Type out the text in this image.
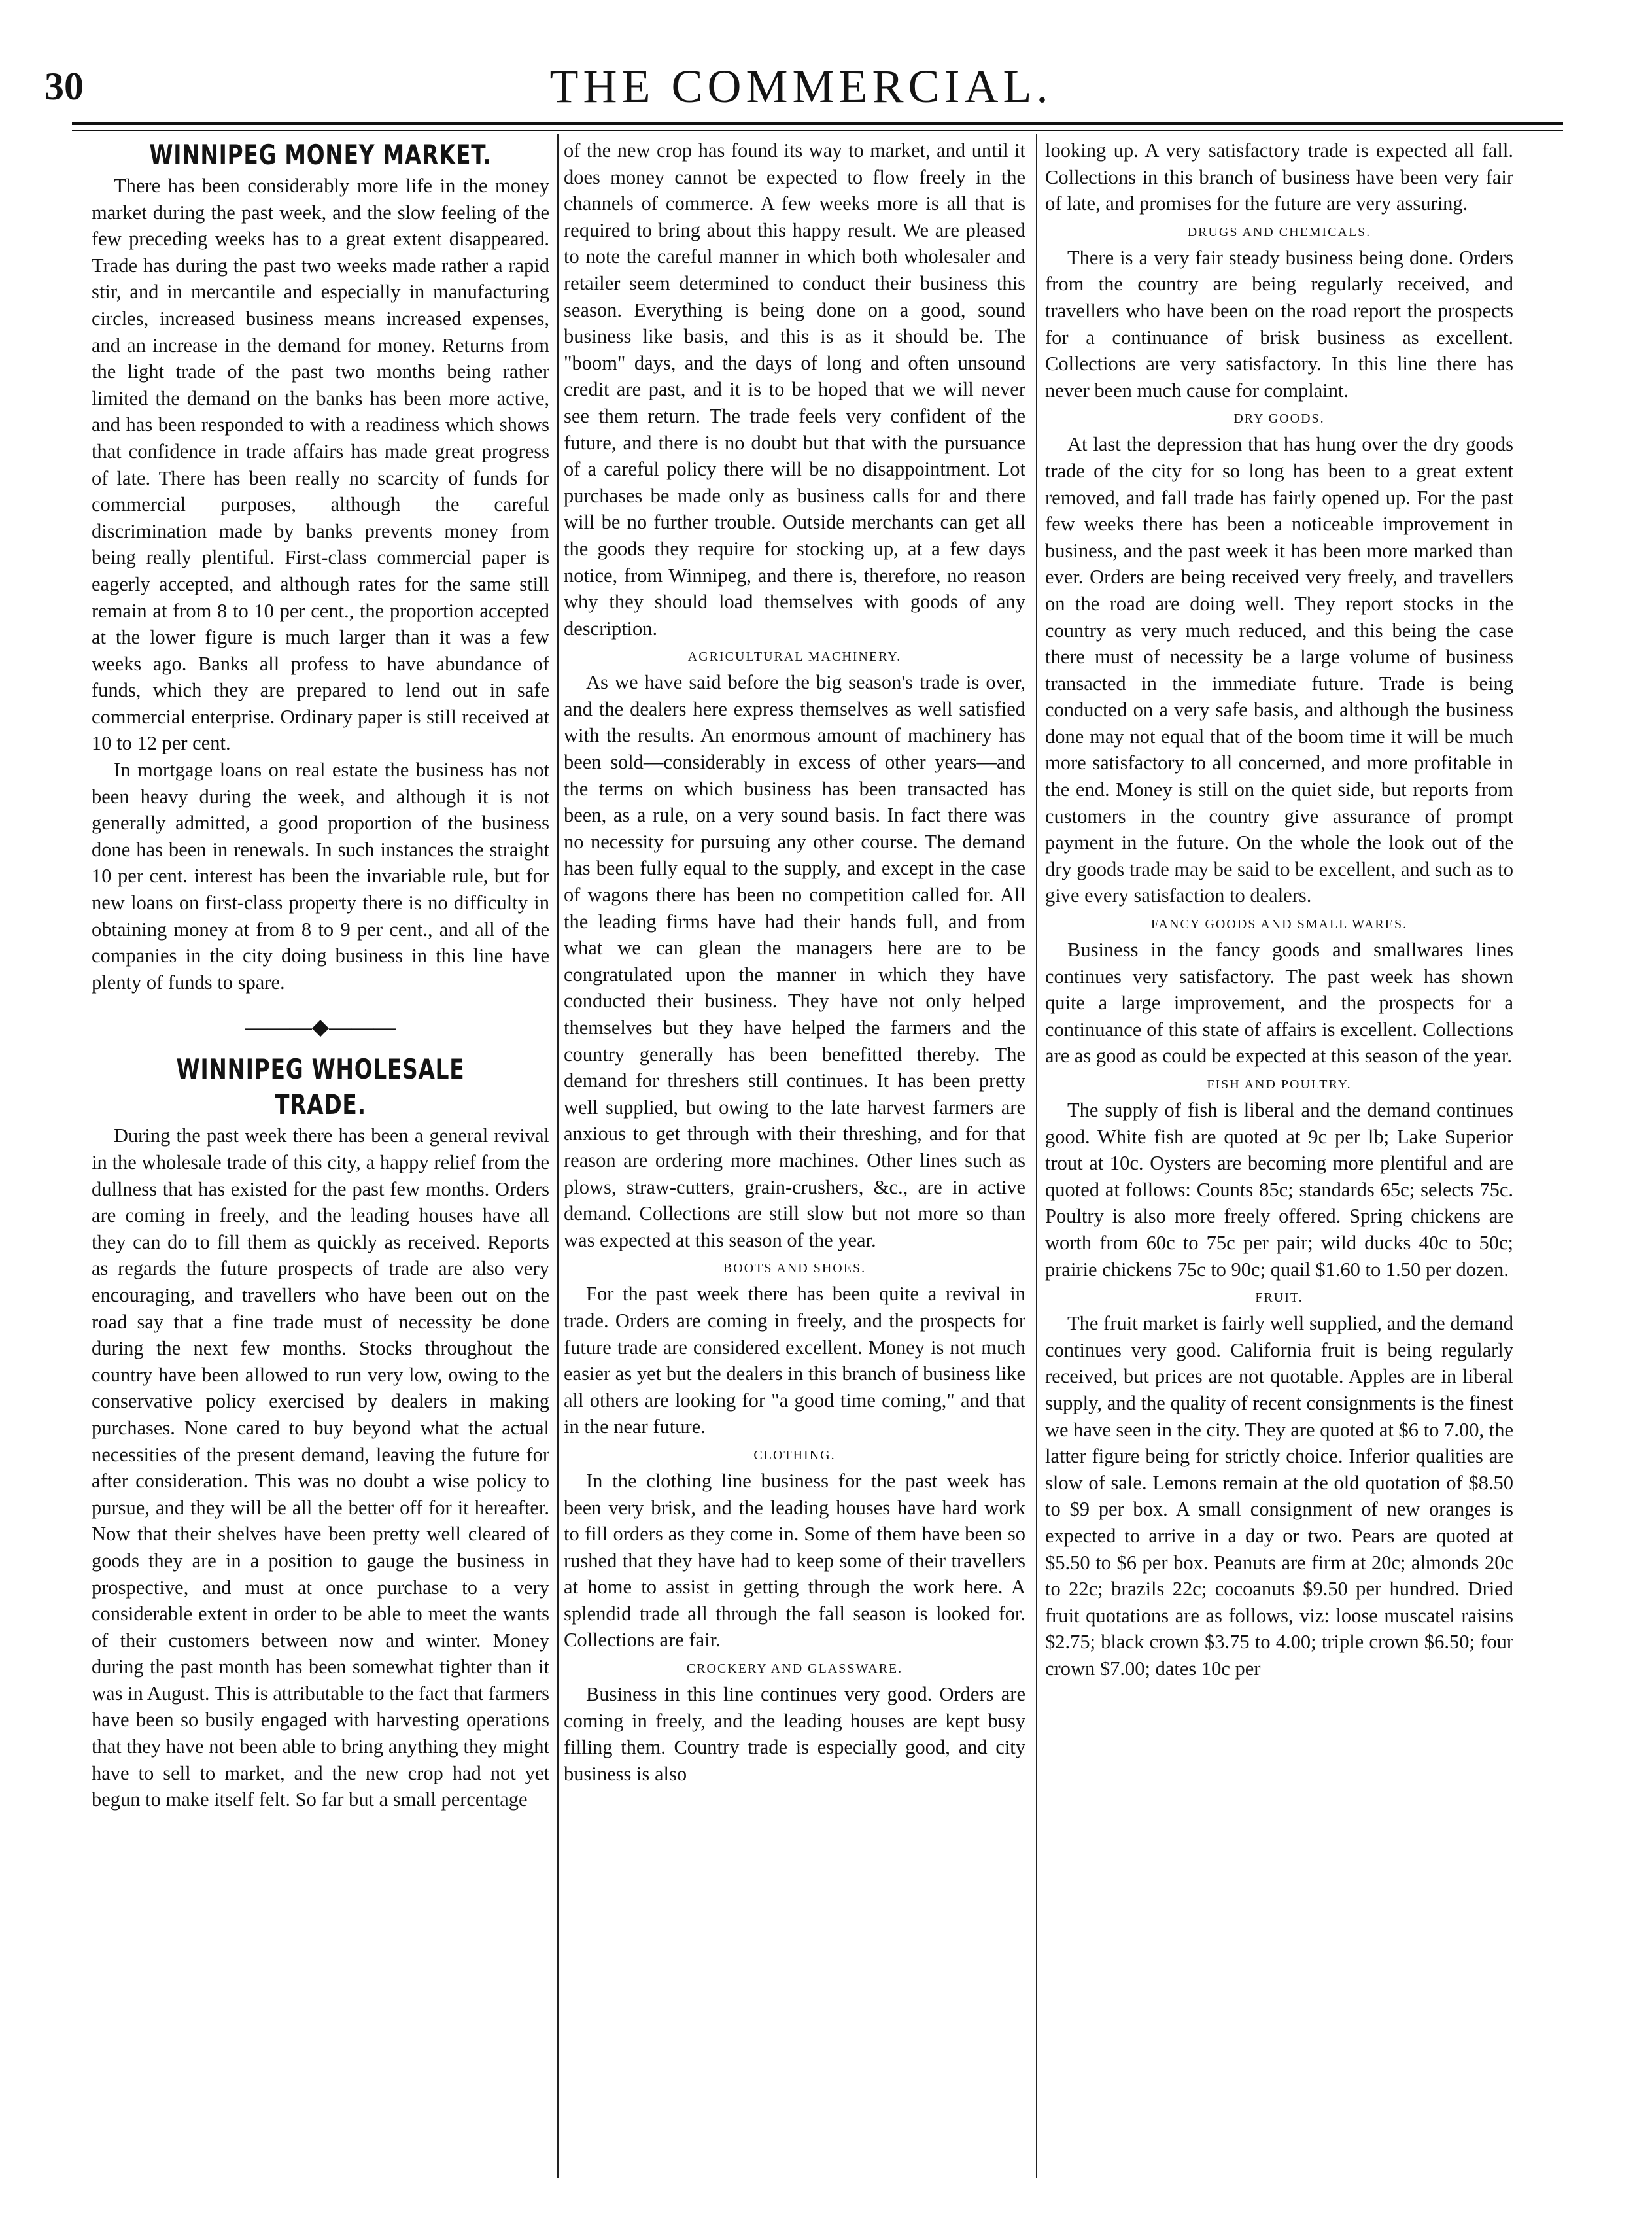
30	THE COMMERCIAL.
WINNIPEG MONEY MARKET.

There has been considerably more life in the money market during the past week, and the slow feeling of the few preceding weeks has to a great extent disappeared. Trade has during the past two weeks made rather a rapid stir, and in mercantile and especially in manufacturing circles, increased business means increased expenses, and an increase in the demand for money. Returns from the light trade of the past two months being rather limited the demand on the banks has been more active, and has been responded to with a readiness which shows that confidence in trade affairs has made great progress of late. There has been really no scarcity of funds for commercial purposes, although the careful discrimination made by banks prevents money from being really plentiful. First-class commercial paper is eagerly accepted, and although rates for the same still remain at from 8 to 10 per cent., the proportion accepted at the lower figure is much larger than it was a few weeks ago. Banks all profess to have abundance of funds, which they are prepared to lend out in safe commercial enterprise. Ordinary paper is still received at 10 to 12 per cent.

In mortgage loans on real estate the business has not been heavy during the week, and although it is not generally admitted, a good proportion of the business done has been in renewals. In such instances the straight 10 per cent. interest has been the invariable rule, but for new loans on first-class property there is no difficulty in obtaining money at from 8 to 9 per cent., and all of the companies in the city doing business in this line have plenty of funds to spare.

———◆———
WINNIPEG WHOLESALE TRADE.

During the past week there has been a general revival in the wholesale trade of this city, a happy relief from the dullness that has existed for the past few months. Orders are coming in freely, and the leading houses have all they can do to fill them as quickly as received. Reports as regards the future prospects of trade are also very encouraging, and travellers who have been out on the road say that a fine trade must of necessity be done during the next few months. Stocks throughout the country have been allowed to run very low, owing to the conservative policy exercised by dealers in making purchases. None cared to buy beyond what the actual necessities of the present demand, leaving the future for after consideration. This was no doubt a wise policy to pursue, and they will be all the better off for it hereafter. Now that their shelves have been pretty well cleared of goods they are in a position to gauge the business in prospective, and must at once purchase to a very considerable extent in order to be able to meet the wants of their customers between now and winter. Money during the past month has been somewhat tighter than it was in August. This is attributable to the fact that farmers have been so busily engaged with harvesting operations that they have not been able to bring anything they might have to sell to market, and the new crop had not yet begun to make itself felt. So far but a small percentage

of the new crop has found its way to market, and until it does money cannot be expected to flow freely in the channels of commerce. A few weeks more is all that is required to bring about this happy result. We are pleased to note the careful manner in which both wholesaler and retailer seem determined to conduct their business this season. Everything is being done on a good, sound business like basis, and this is as it should be. The "boom" days, and the days of long and often unsound credit are past, and it is to be hoped that we will never see them return. The trade feels very confident of the future, and there is no doubt but that with the pursuance of a careful policy there will be no disappointment. Lot purchases be made only as business calls for and there will be no further trouble. Outside merchants can get all the goods they require for stocking up, at a few days notice, from Winnipeg, and there is, therefore, no reason why they should load themselves with goods of any description.

AGRICULTURAL MACHINERY.

As we have said before the big season's trade is over, and the dealers here express themselves as well satisfied with the results. An enormous amount of machinery has been sold—considerably in excess of other years—and the terms on which business has been transacted has been, as a rule, on a very sound basis. In fact there was no necessity for pursuing any other course. The demand has been fully equal to the supply, and except in the case of wagons there has been no competition called for. All the leading firms have had their hands full, and from what we can glean the managers here are to be congratulated upon the manner in which they have conducted their business. They have not only helped themselves but they have helped the farmers and the country generally has been benefitted thereby. The demand for threshers still continues. It has been pretty well supplied, but owing to the late harvest farmers are anxious to get through with their threshing, and for that reason are ordering more machines. Other lines such as plows, straw-cutters, grain-crushers, &c., are in active demand. Collections are still slow but not more so than was expected at this season of the year.

BOOTS AND SHOES.

For the past week there has been quite a revival in trade. Orders are coming in freely, and the prospects for future trade are considered excellent. Money is not much easier as yet but the dealers in this branch of business like all others are looking for "a good time coming," and that in the near future.

CLOTHING.

In the clothing line business for the past week has been very brisk, and the leading houses have hard work to fill orders as they come in. Some of them have been so rushed that they have had to keep some of their travellers at home to assist in getting through the work here. A splendid trade all through the fall season is looked for. Collections are fair.

CROCKERY AND GLASSWARE.

Business in this line continues very good. Orders are coming in freely, and the leading houses are kept busy filling them. Country trade is especially good, and city business is also

looking up. A very satisfactory trade is expected all fall. Collections in this branch of business have been very fair of late, and promises for the future are very assuring.

DRUGS AND CHEMICALS.

There is a very fair steady business being done. Orders from the country are being regularly received, and travellers who have been on the road report the prospects for a continuance of brisk business as excellent. Collections are very satisfactory. In this line there has never been much cause for complaint.

DRY GOODS.

At last the depression that has hung over the dry goods trade of the city for so long has been to a great extent removed, and fall trade has fairly opened up. For the past few weeks there has been a noticeable improvement in business, and the past week it has been more marked than ever. Orders are being received very freely, and travellers on the road are doing well. They report stocks in the country as very much reduced, and this being the case there must of necessity be a large volume of business transacted in the immediate future. Trade is being conducted on a very safe basis, and although the business done may not equal that of the boom time it will be much more satisfactory to all concerned, and more profitable in the end. Money is still on the quiet side, but reports from customers in the country give assurance of prompt payment in the future. On the whole the look out of the dry goods trade may be said to be excellent, and such as to give every satisfaction to dealers.

FANCY GOODS AND SMALL WARES.

Business in the fancy goods and smallwares lines continues very satisfactory. The past week has shown quite a large improvement, and the prospects for a continuance of this state of affairs is excellent. Collections are as good as could be expected at this season of the year.

FISH AND POULTRY.

The supply of fish is liberal and the demand continues good. White fish are quoted at 9c per lb; Lake Superior trout at 10c. Oysters are becoming more plentiful and are quoted at follows: Counts 85c; standards 65c; selects 75c. Poultry is also more freely offered. Spring chickens are worth from 60c to 75c per pair; wild ducks 40c to 50c; prairie chickens 75c to 90c; quail $1.60 to 1.50 per dozen.

FRUIT.

The fruit market is fairly well supplied, and the demand continues very good. California fruit is being regularly received, but prices are not quotable. Apples are in liberal supply, and the quality of recent consignments is the finest we have seen in the city. They are quoted at $6 to 7.00, the latter figure being for strictly choice. Inferior qualities are slow of sale. Lemons remain at the old quotation of $8.50 to $9 per box. A small consignment of new oranges is expected to arrive in a day or two. Pears are quoted at $5.50 to $6 per box. Peanuts are firm at 20c; almonds 20c to 22c; brazils 22c; cocoanuts $9.50 per hundred. Dried fruit quotations are as follows, viz: loose muscatel raisins $2.75; black crown $3.75 to 4.00; triple crown $6.50; four crown $7.00; dates 10c per
